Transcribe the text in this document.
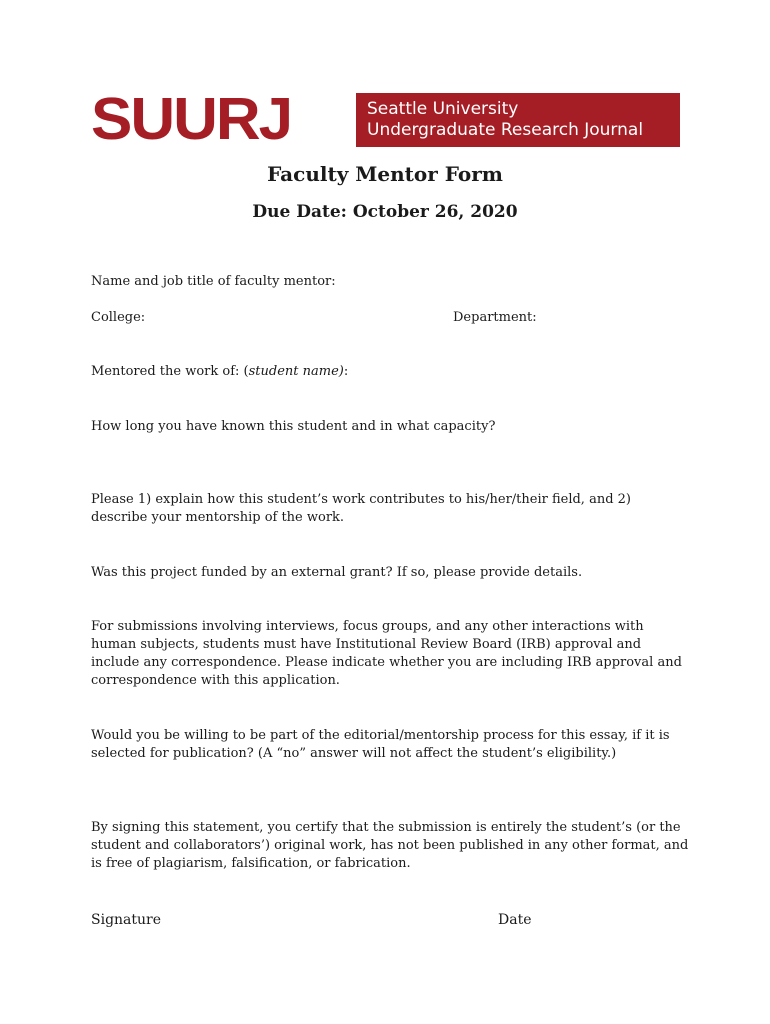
SUURJ	Seattle University
Undergraduate Research Journal
Faculty Mentor Form
Due Date: October 26, 2020

Name and job title of faculty mentor:

College:	Department:

Mentored the work of: (student name):

How long you have known this student and in what capacity?

Please 1) explain how this student’s work contributes to his/her/their field, and 2) describe your mentorship of the work.

Was this project funded by an external grant? If so, please provide details.

For submissions involving interviews, focus groups, and any other interactions with human subjects, students must have Institutional Review Board (IRB) approval and include any correspondence. Please indicate whether you are including IRB approval and correspondence with this application.

Would you be willing to be part of the editorial/mentorship process for this essay, if it is selected for publication? (A “no” answer will not affect the student’s eligibility.)

By signing this statement, you certify that the submission is entirely the student’s (or the student and collaborators’) original work, has not been published in any other format, and is free of plagiarism, falsification, or fabrication.

Signature	Date
